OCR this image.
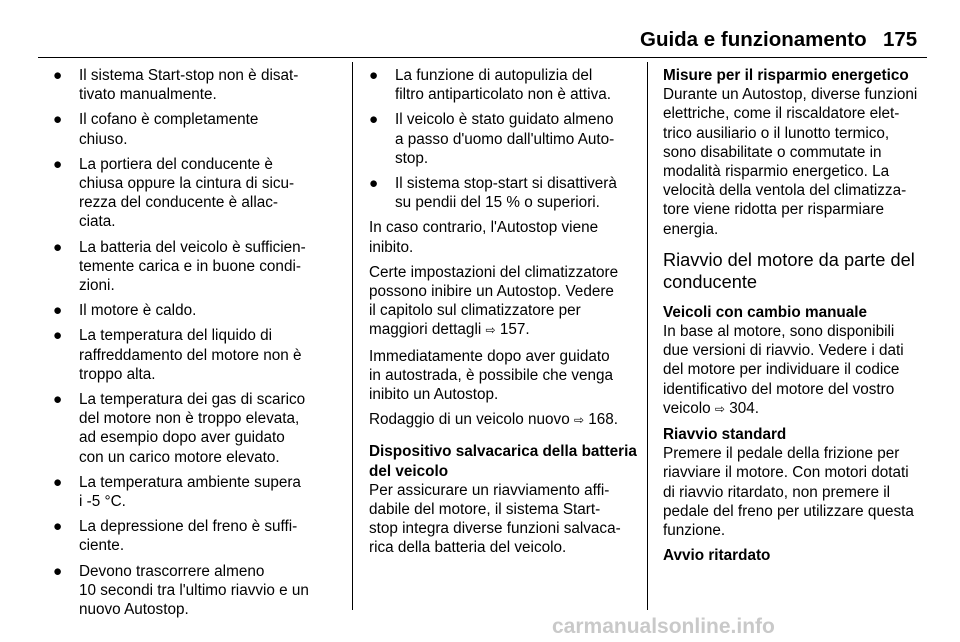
Guida e funzionamento 175
● Il sistema Start-stop non è disat-
tivato manualmente.
● Il cofano è completamente
chiuso.
● La portiera del conducente è
chiusa oppure la cintura di sicu-
rezza del conducente è allac-
ciata.
● La batteria del veicolo è sufficien-
temente carica e in buone condi-
zioni.
● Il motore è caldo.
● La temperatura del liquido di
raffreddamento del motore non è
troppo alta.
● La temperatura dei gas di scarico
del motore non è troppo elevata,
ad esempio dopo aver guidato
con un carico motore elevato.
● La temperatura ambiente supera
i -5 °C.
● La depressione del freno è suffi-
ciente.
● Devono trascorrere almeno
10 secondi tra l'ultimo riavvio e un
nuovo Autostop.
● La funzione di autopulizia del
filtro antiparticolato non è attiva.
● Il veicolo è stato guidato almeno
a passo d'uomo dall'ultimo Auto-
stop.
● Il sistema stop-start si disattiverà
su pendii del 15 % o superiori.
In caso contrario, l'Autostop viene
inibito.
Certe impostazioni del climatizzatore
possono inibire un Autostop. Vedere
il capitolo sul climatizzatore per
maggiori dettagli ⇨ 157.
Immediatamente dopo aver guidato
in autostrada, è possibile che venga
inibito un Autostop.
Rodaggio di un veicolo nuovo ⇨ 168.
Dispositivo salvacarica della batteria
del veicolo
Per assicurare un riavviamento affi-
dabile del motore, il sistema Start-
stop integra diverse funzioni salvaca-
rica della batteria del veicolo.
Misure per il risparmio energetico
Durante un Autostop, diverse funzioni
elettriche, come il riscaldatore elet-
trico ausiliario o il lunotto termico,
sono disabilitate o commutate in
modalità risparmio energetico. La
velocità della ventola del climatizza-
tore viene ridotta per risparmiare
energia.
Riavvio del motore da parte del
conducente
Veicoli con cambio manuale
In base al motore, sono disponibili
due versioni di riavvio. Vedere i dati
del motore per individuare il codice
identificativo del motore del vostro
veicolo ⇨ 304.
Riavvio standard
Premere il pedale della frizione per
riavviare il motore. Con motori dotati
di riavvio ritardato, non premere il
pedale del freno per utilizzare questa
funzione.
Avvio ritardato
carmanualsonline.info
